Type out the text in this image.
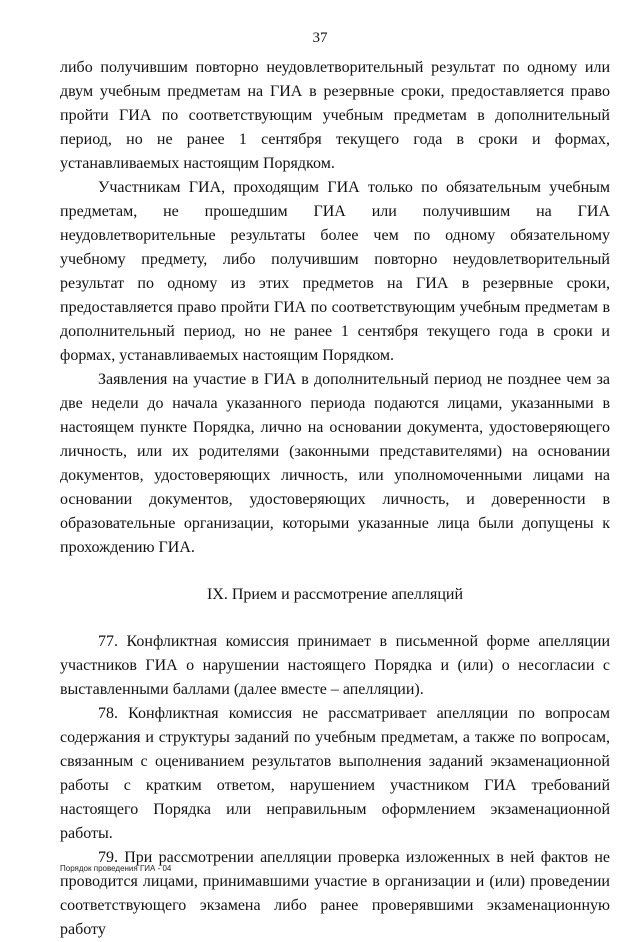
37

либо получившим повторно неудовлетворительный результат по одному или двум учебным предметам на ГИА в резервные сроки, предоставляется право пройти ГИА по соответствующим учебным предметам в дополнительный период, но не ранее 1 сентября текущего года в сроки и формах, устанавливаемых настоящим Порядком.

Участникам ГИА, проходящим ГИА только по обязательным учебным предметам, не прошедшим ГИА или получившим на ГИА неудовлетворительные результаты более чем по одному обязательному учебному предмету, либо получившим повторно неудовлетворительный результат по одному из этих предметов на ГИА в резервные сроки, предоставляется право пройти ГИА по соответствующим учебным предметам в дополнительный период, но не ранее 1 сентября текущего года в сроки и формах, устанавливаемых настоящим Порядком.

Заявления на участие в ГИА в дополнительный период не позднее чем за две недели до начала указанного периода подаются лицами, указанными в настоящем пункте Порядка, лично на основании документа, удостоверяющего личность, или их родителями (законными представителями) на основании документов, удостоверяющих личность, или уполномоченными лицами на основании документов, удостоверяющих личность, и доверенности в образовательные организации, которыми указанные лица были допущены к прохождению ГИА.

IX. Прием и рассмотрение апелляций

77. Конфликтная комиссия принимает в письменной форме апелляции участников ГИА о нарушении настоящего Порядка и (или) о несогласии с выставленными баллами (далее вместе – апелляции).

78. Конфликтная комиссия не рассматривает апелляции по вопросам содержания и структуры заданий по учебным предметам, а также по вопросам, связанным с оцениванием результатов выполнения заданий экзаменационной работы с кратким ответом, нарушением участником ГИА требований настоящего Порядка или неправильным оформлением экзаменационной работы.

79. При рассмотрении апелляции проверка изложенных в ней фактов не проводится лицами, принимавшими участие в организации и (или) проведении соответствующего экзамена либо ранее проверявшими экзаменационную работу

Порядок проведения ГИА - 04
